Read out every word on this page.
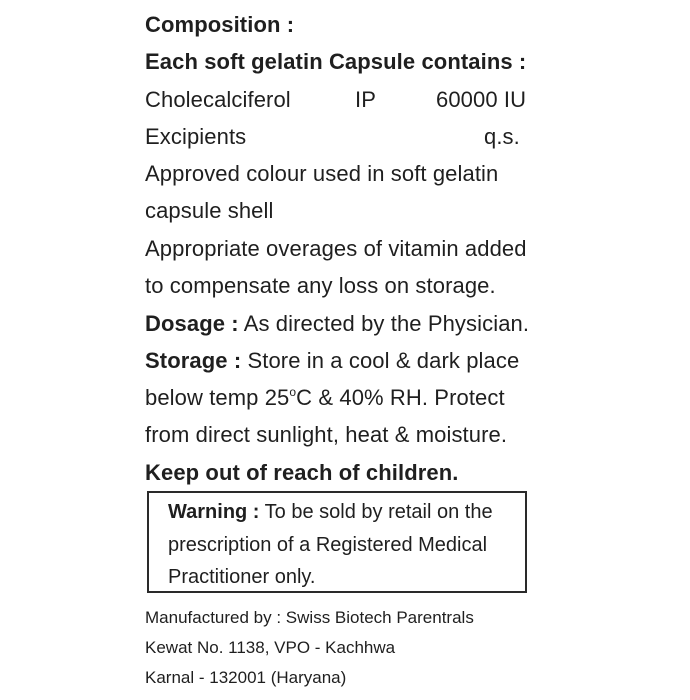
Composition :
Each soft gelatin Capsule contains :
Cholecalciferol	IP	60000 IU
Excipients	q.s.
Approved colour used in soft gelatin
capsule shell
Appropriate overages of vitamin added
to compensate any loss on storage.
Dosage : As directed by the Physician.
Storage : Store in a cool & dark place
below temp 25$^o$C & 40% RH. Protect
from direct sunlight, heat & moisture.
Keep out of reach of children.
Warning : To be sold by retail on the
prescription of a Registered Medical
Practitioner only.
Manufactured by : Swiss Biotech Parentrals
Kewat No. 1138, VPO - Kachhwa
Karnal - 132001 (Haryana)
